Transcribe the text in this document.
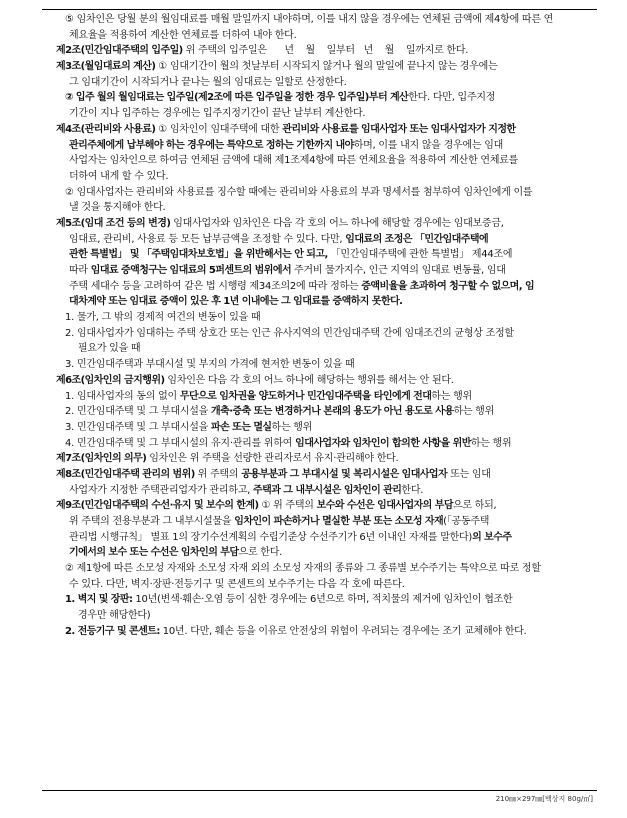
⑤ 임차인은 당월 분의 월임대료를 매월 말일까지 내야하며, 이를 내지 않을 경우에는 연체된 금액에 제4항에 따른 연
체요율을 적용하여 계산한 연체료를 더하여 내야 한다.
제2조(민간임대주택의 입주일) 위 주택의 입주일은      년    월    일부터   년    월    일까지로 한다.
제3조(월임대료의 계산) ① 임대기간이 월의 첫날부터 시작되지 않거나 월의 말일에 끝나지 않는 경우에는
그 임대기간이 시작되거나 끝나는 월의 임대료는 일할로 산정한다.
② 입주 월의 월임대료는 입주일(제2조에 따른 입주일을 정한 경우 입주일)부터 계산한다. 다만, 입주지정
기간이 지나 입주하는 경우에는 입주지정기간이 끝난 날부터 계산한다.
제4조(관리비와 사용료) ① 임차인이 임대주택에 대한 관리비와 사용료를 임대사업자 또는 임대사업자가 지정한
관리주체에게 납부해야 하는 경우에는 특약으로 정하는 기한까지 내야하며, 이를 내지 않을 경우에는 임대
사업자는 임차인으로 하여금 연체된 금액에 대해 제1조제4항에 따른 연체요율을 적용하여 계산한 연체료를
더하여 내게 할 수 있다.
② 임대사업자는 관리비와 사용료를 징수할 때에는 관리비와 사용료의 부과 명세서를 첨부하여 임차인에게 이를
낼 것을 통지해야 한다.
제5조(임대 조건 등의 변경) 임대사업자와 임차인은 다음 각 호의 어느 하나에 해당할 경우에는 임대보증금,
임대료, 관리비, 사용료 등 모든 납부금액을 조정할 수 있다. 다만, 임대료의 조정은 「민간임대주택에
관한 특별법」 및 「주택임대차보호법」을 위반해서는 안 되고, 「민간임대주택에 관한 특별법」 제44조에
따라 임대료 증액청구는 임대료의 5퍼센트의 범위에서 주거비 물가지수, 인근 지역의 임대료 변동률, 임대
주택 세대수 등을 고려하여 같은 법 시행령 제34조의2에 따라 정하는 증액비율을 초과하여 청구할 수 없으며, 임
대차계약 또는 임대료 증액이 있은 후 1년 이내에는 그 임대료를 증액하지 못한다.
1. 물가, 그 밖의 경제적 여건의 변동이 있을 때
2. 임대사업자가 임대하는 주택 상호간 또는 인근 유사지역의 민간임대주택 간에 임대조건의 균형상 조정할
필요가 있을 때
3. 민간임대주택과 부대시설 및 부지의 가격에 현저한 변동이 있을 때
제6조(임차인의 금지행위) 임차인은 다음 각 호의 어느 하나에 해당하는 행위를 해서는 안 된다.
1. 임대사업자의 동의 없이 무단으로 임차권을 양도하거나 민간임대주택을 타인에게 전대하는 행위
2. 민간임대주택 및 그 부대시설을 개축·증축 또는 변경하거나 본래의 용도가 아닌 용도로 사용하는 행위
3. 민간임대주택 및 그 부대시설을 파손 또는 멸실하는 행위
4. 민간임대주택 및 그 부대시설의 유지·관리를 위하여 임대사업자와 임차인이 합의한 사항을 위반하는 행위
제7조(임차인의 의무) 임차인은 위 주택을 선량한 관리자로서 유지·관리해야 한다.
제8조(민간임대주택 관리의 범위) 위 주택의 공용부분과 그 부대시설 및 복리시설은 임대사업자 또는 임대
사업자가 지정한 주택관리업자가 관리하고, 주택과 그 내부시설은 임차인이 관리한다.
제9조(민간임대주택의 수선·유지 및 보수의 한계) ① 위 주택의 보수와 수선은 임대사업자의 부담으로 하되,
위 주택의 전용부분과 그 내부시설물을 임차인이 파손하거나 멸실한 부분 또는 소모성 자재(「공동주택
관리법 시행규칙」 별표 1의 장기수선계획의 수립기준상 수선주기가 6년 이내인 자재를 말한다)의 보수주
기에서의 보수 또는 수선은 임차인의 부담으로 한다.
② 제1항에 따른 소모성 자재와 소모성 자재 외의 소모성 자재의 종류와 그 종류별 보수주기는 특약으로 따로 정할
수 있다. 다만, 벽지·장판·전등기구 및 콘센트의 보수주기는 다음 각 호에 따른다.
1. 벽지 및 장판: 10년(변색·훼손·오염 등이 심한 경우에는 6년으로 하며, 적치물의 제거에 임차인이 협조한
경우만 해당한다)
2. 전등기구 및 콘센트: 10년. 다만, 훼손 등을 이유로 안전상의 위험이 우려되는 경우에는 조기 교체해야 한다.
210㎜×297㎜[백상지 80g/㎡]
